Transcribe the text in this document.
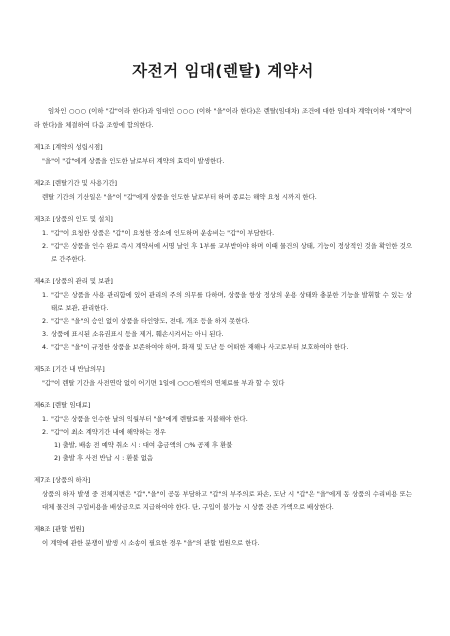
자전거 임대(렌탈) 계약서
임차인 ○○○ (이하 "갑"이라 한다)과 임대인 ○○○ (이하 "을"이라 한다)은 렌탈(임대차) 조건에 대한 임대차 계약(이하 "계약"이라 한다)을 체결하여 다음 조항에 합의한다.
제1조 [계약의 성립시점]
"을"이 "갑"에게 상품을 인도한 날로부터 계약의 효력이 발생한다.
제2조 [렌탈기간 및 사용기간]
렌탈 기간의 기산일은 "을"이 "갑"에게 상품을 인도한 날로부터 하며 종료는 해약 요청 시까지 한다.
제3조 [상품의 인도 및 설치]
1. "갑"이 요청한 상품은 "갑"이 요청한 장소에 인도하며 운송비는 "갑"이 부담한다.
2. "갑"은 상품을 인수 완료 즉시 계약서에 서명 날인 후 1부를 교부받아야 하며 이때 물건의 상태, 기능이 정상적인 것을 확인한 것으로 간주한다.
제4조 [상품의 관리 및 보관]
1. "갑"은 상품을 사용 관리함에 있어 관리의 주의 의무를 다하며, 상품을 항상 정상의 운용 상태와 충분한 기능을 발휘할 수 있는 상태로 보관, 관리한다.
2. "갑"은 "을"의 승인 없이 상품을 타인양도, 전대, 개조 등을 하지 못한다.
3. 상품에 표시된 소유권표시 등을 제거, 훼손시켜서는 아니 된다.
4. "갑"은 "을"이 규정한 상품을 보존하여야 하며, 화재 및 도난 등 어떠한 재해나 사고로부터 보호하여야 한다.
제5조 [기간 내 반납의무]
"갑"이 렌탈 기간을 사전연락 없이 어기면 1일에 ○○○원씩의 연체료를 부과 할 수 있다
제6조 [렌탈 임대료]
1. "갑"은 상품을 인수한 날의 익월부터 "을"에게 렌탈료를 지불해야 한다.
2. "갑"이 최소 계약기간 내에 해약하는 경우
1) 출발, 배송 전 예약 취소 시 : 대여 총금액의 ○% 공제 후 환불
2) 출발 후 사전 반납 시 : 환불 없음
제7조 [상품의 하자]
상품의 하자 발생 중 전체지변은 "갑","을"이 공동 부담하고 "갑"의 부주의로 파손, 도난 시 "갑"은 "을"에게 동 상품의 수리비용 또는 대체 물건의 구입비용을 배상금으로 지급하여야 한다. 단, 구입이 불가능 시 상품 잔존 가액으로 배상한다.
제8조 [관할 법원]
이 계약에 관한 분쟁이 발생 시 소송이 필요한 경우 "을"의 관할 법원으로 한다.
